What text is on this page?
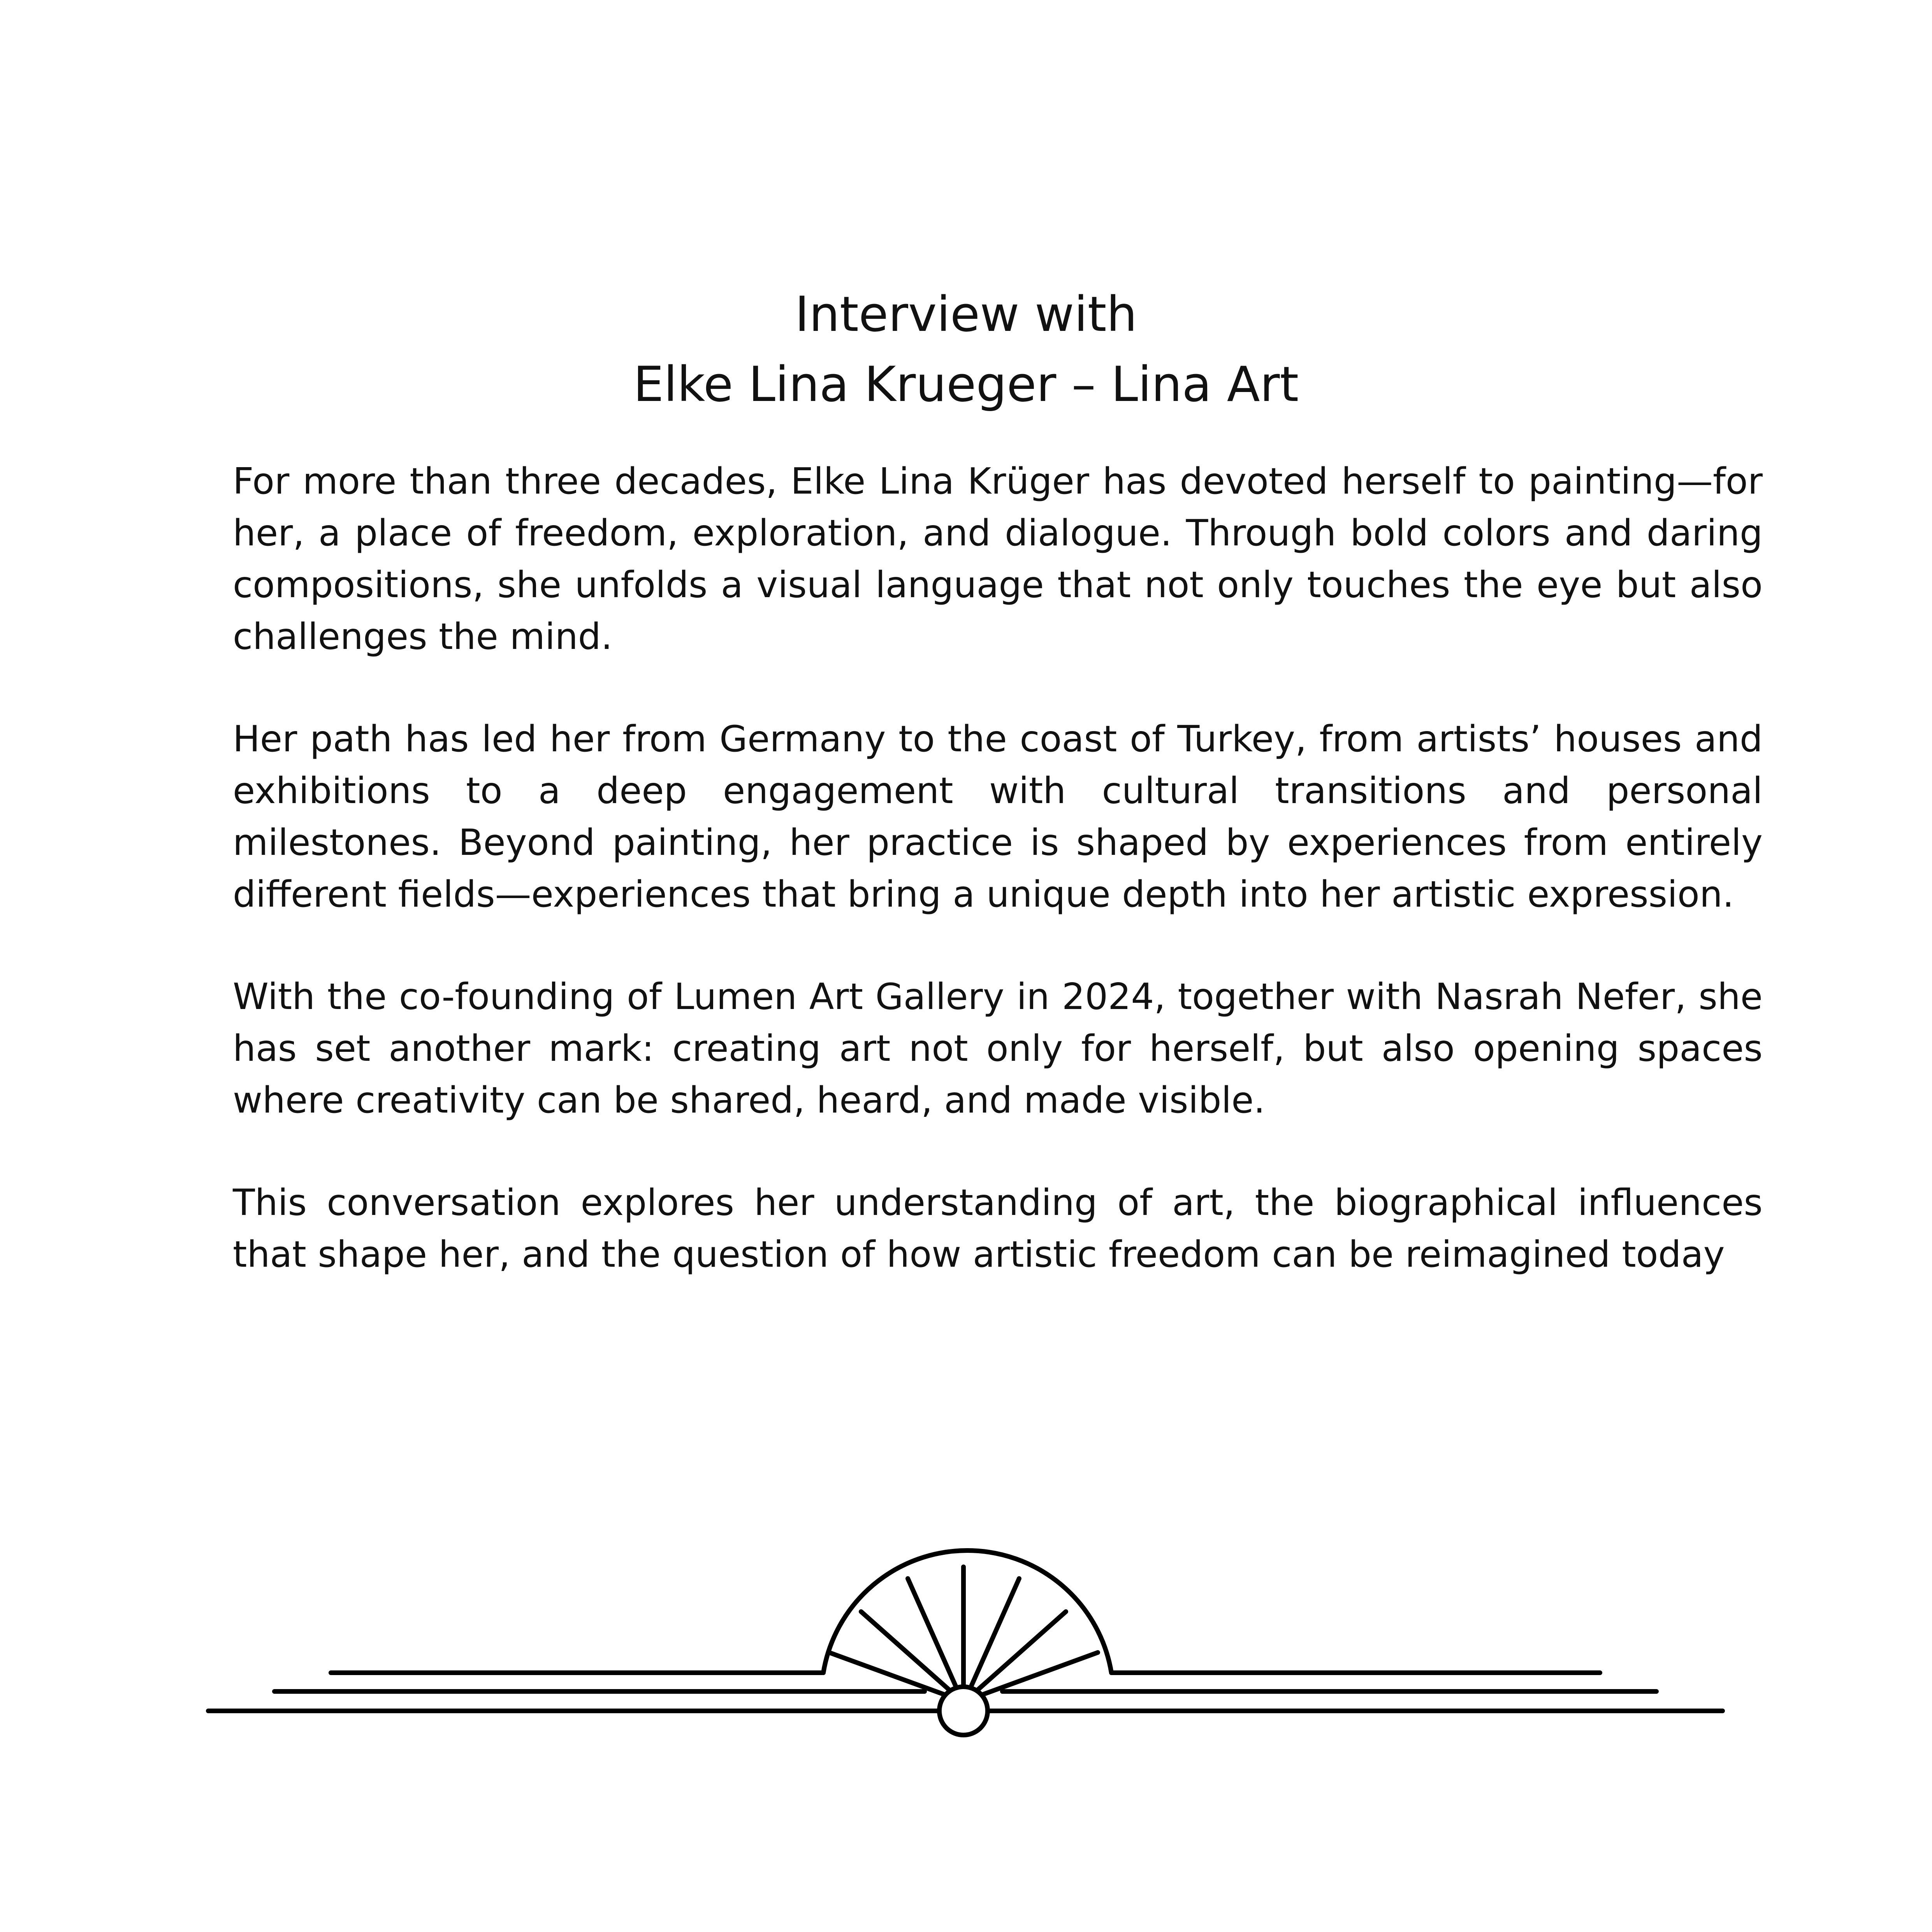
Interview with
Elke Lina Krueger – Lina Art

For more than three decades, Elke Lina Krüger has devoted herself to painting—for her, a place of freedom, exploration, and dialogue. Through bold colors and daring compositions, she unfolds a visual language that not only touches the eye but also challenges the mind.

Her path has led her from Germany to the coast of Turkey, from artists’ houses and exhibitions to a deep engagement with cultural transitions and personal milestones. Beyond painting, her practice is shaped by experiences from entirely different fields—experiences that bring a unique depth into her artistic expression.

With the co-founding of Lumen Art Gallery in 2024, together with Nasrah Nefer, she has set another mark: creating art not only for herself, but also opening spaces where creativity can be shared, heard, and made visible.

This conversation explores her understanding of art, the biographical influences that shape her, and the question of how artistic freedom can be reimagined today
